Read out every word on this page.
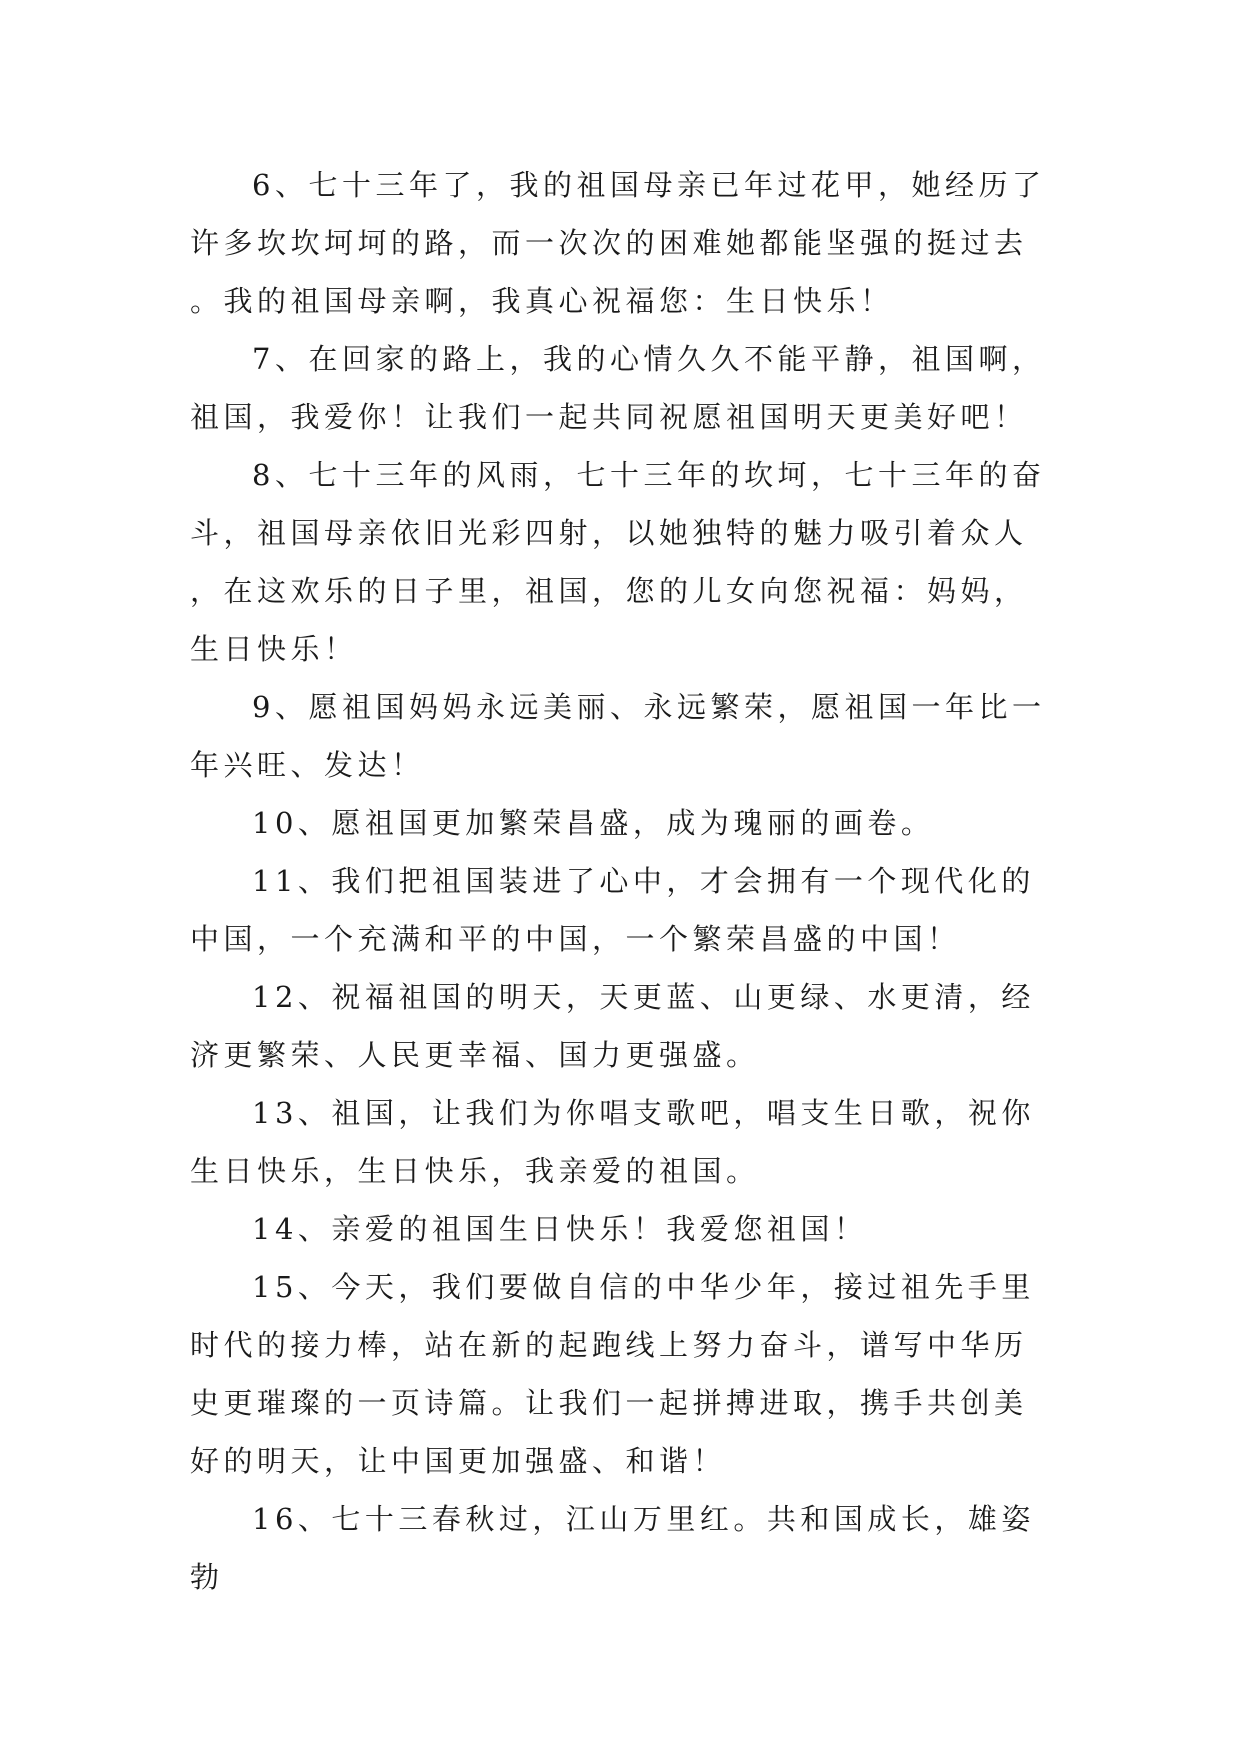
6、七十三年了，我的祖国母亲已年过花甲，她经历了许多坎坎坷坷的路，而一次次的困难她都能坚强的挺过去。我的祖国母亲啊，我真心祝福您：生日快乐！

7、在回家的路上，我的心情久久不能平静，祖国啊，祖国，我爱你！让我们一起共同祝愿祖国明天更美好吧！

8、七十三年的风雨，七十三年的坎坷，七十三年的奋斗，祖国母亲依旧光彩四射，以她独特的魅力吸引着众人，在这欢乐的日子里，祖国，您的儿女向您祝福：妈妈，生日快乐！

9、愿祖国妈妈永远美丽、永远繁荣，愿祖国一年比一年兴旺、发达！

10、愿祖国更加繁荣昌盛，成为瑰丽的画卷。

11、我们把祖国装进了心中，才会拥有一个现代化的中国，一个充满和平的中国，一个繁荣昌盛的中国！

12、祝福祖国的明天，天更蓝、山更绿、水更清，经济更繁荣、人民更幸福、国力更强盛。

13、祖国，让我们为你唱支歌吧，唱支生日歌，祝你生日快乐，生日快乐，我亲爱的祖国。

14、亲爱的祖国生日快乐！我爱您祖国！

15、今天，我们要做自信的中华少年，接过祖先手里时代的接力棒，站在新的起跑线上努力奋斗，谱写中华历史更璀璨的一页诗篇。让我们一起拼搏进取，携手共创美好的明天，让中国更加强盛、和谐！

16、七十三春秋过，江山万里红。共和国成长，雄姿勃
